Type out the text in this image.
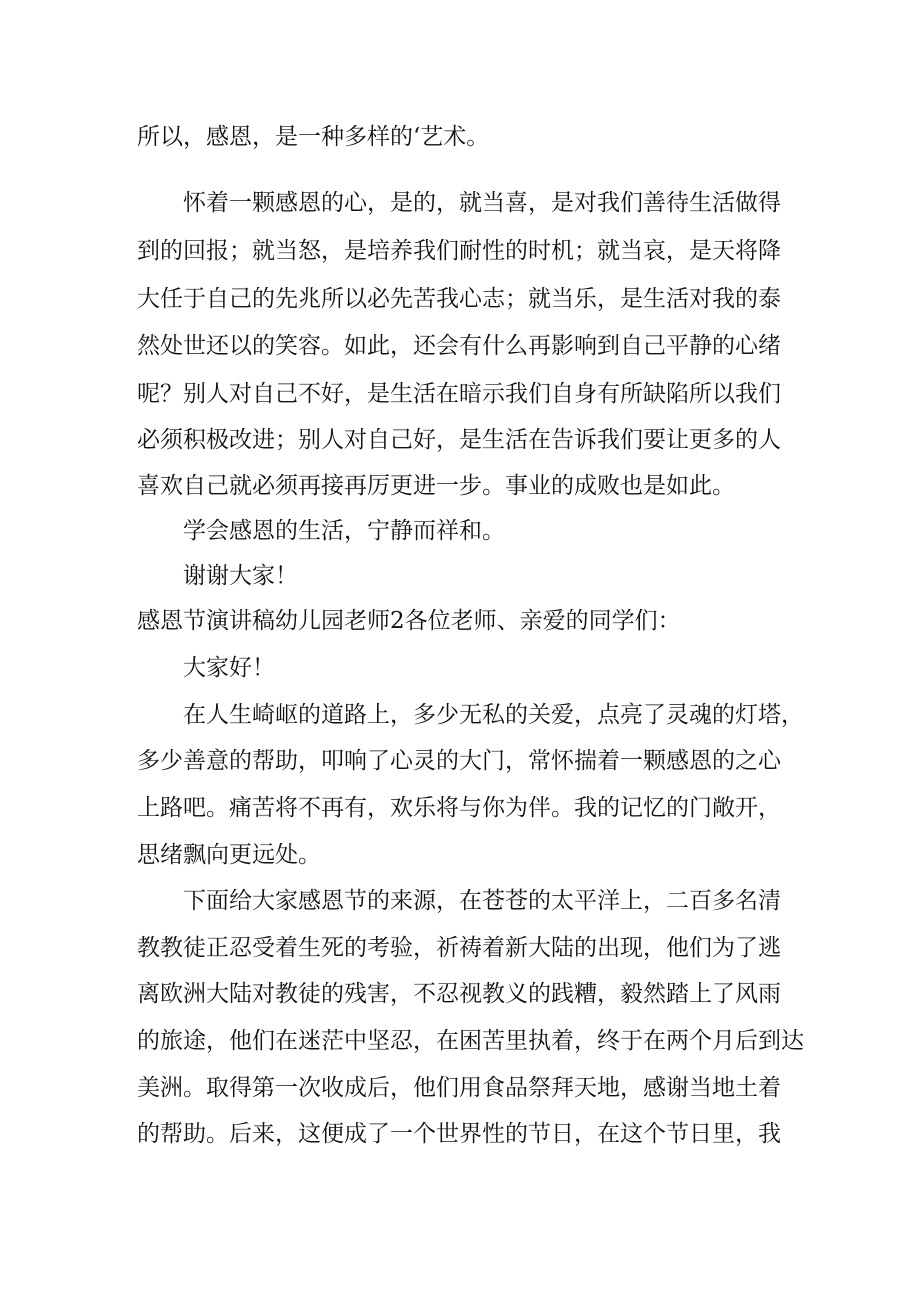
所以，感恩，是一种多样的‘艺术。
怀着一颗感恩的心，是的，就当喜，是对我们善待生活做得
到的回报；就当怒，是培养我们耐性的时机；就当哀，是天将降
大任于自己的先兆所以必先苦我心志；就当乐，是生活对我的泰
然处世还以的笑容。如此，还会有什么再影响到自己平静的心绪
呢？别人对自己不好，是生活在暗示我们自身有所缺陷所以我们
必须积极改进；别人对自己好，是生活在告诉我们要让更多的人
喜欢自己就必须再接再厉更进一步。事业的成败也是如此。
学会感恩的生活，宁静而祥和。
谢谢大家！
感恩节演讲稿幼儿园老师2各位老师、亲爱的同学们：
大家好！
在人生崎岖的道路上，多少无私的关爱，点亮了灵魂的灯塔，
多少善意的帮助，叩响了心灵的大门，常怀揣着一颗感恩的之心
上路吧。痛苦将不再有，欢乐将与你为伴。我的记忆的门敞开，
思绪飘向更远处。
下面给大家感恩节的来源，在苍苍的太平洋上，二百多名清
教教徒正忍受着生死的考验，祈祷着新大陆的出现，他们为了逃
离欧洲大陆对教徒的残害，不忍视教义的践糟，毅然踏上了风雨
的旅途，他们在迷茫中坚忍，在困苦里执着，终于在两个月后到达
美洲。取得第一次收成后，他们用食品祭拜天地，感谢当地土着
的帮助。后来，这便成了一个世界性的节日，在这个节日里，我
